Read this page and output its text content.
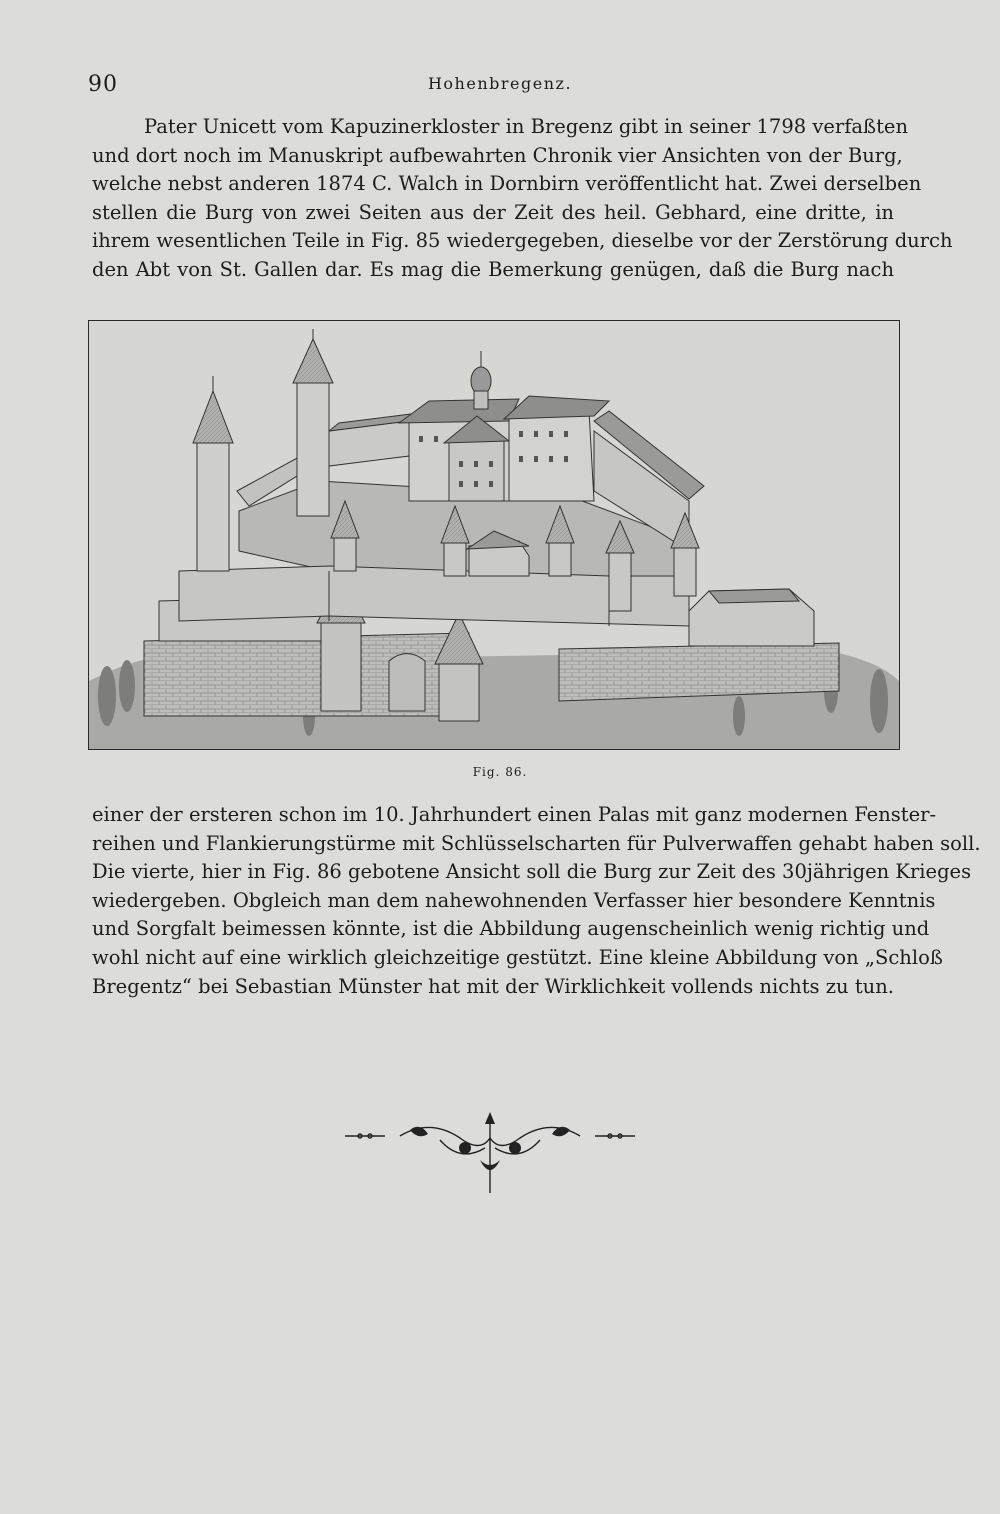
90	Hohenbregenz.
Pater Unicett vom Kapuzinerkloster in Bregenz gibt in seiner 1798 verfaßten
und dort noch im Manuskript aufbewahrten Chronik vier Ansichten von der Burg,
welche nebst anderen 1874 C. Walch in Dornbirn veröffentlicht hat. Zwei derselben
stellen die Burg von zwei Seiten aus der Zeit des heil. Gebhard, eine dritte, in
ihrem wesentlichen Teile in Fig. 85 wiedergegeben, dieselbe vor der Zerstörung durch
den Abt von St. Gallen dar. Es mag die Bemerkung genügen, daß die Burg nach
Fig. 86.
einer der ersteren schon im 10. Jahrhundert einen Palas mit ganz modernen Fenster-
reihen und Flankierungstürme mit Schlüsselscharten für Pulverwaffen gehabt haben soll.
Die vierte, hier in Fig. 86 gebotene Ansicht soll die Burg zur Zeit des 30jährigen Krieges
wiedergeben. Obgleich man dem nahewohnenden Verfasser hier besondere Kenntnis
und Sorgfalt beimessen könnte, ist die Abbildung augenscheinlich wenig richtig und
wohl nicht auf eine wirklich gleichzeitige gestützt. Eine kleine Abbildung von „Schloß
Bregentz“ bei Sebastian Münster hat mit der Wirklichkeit vollends nichts zu tun.
